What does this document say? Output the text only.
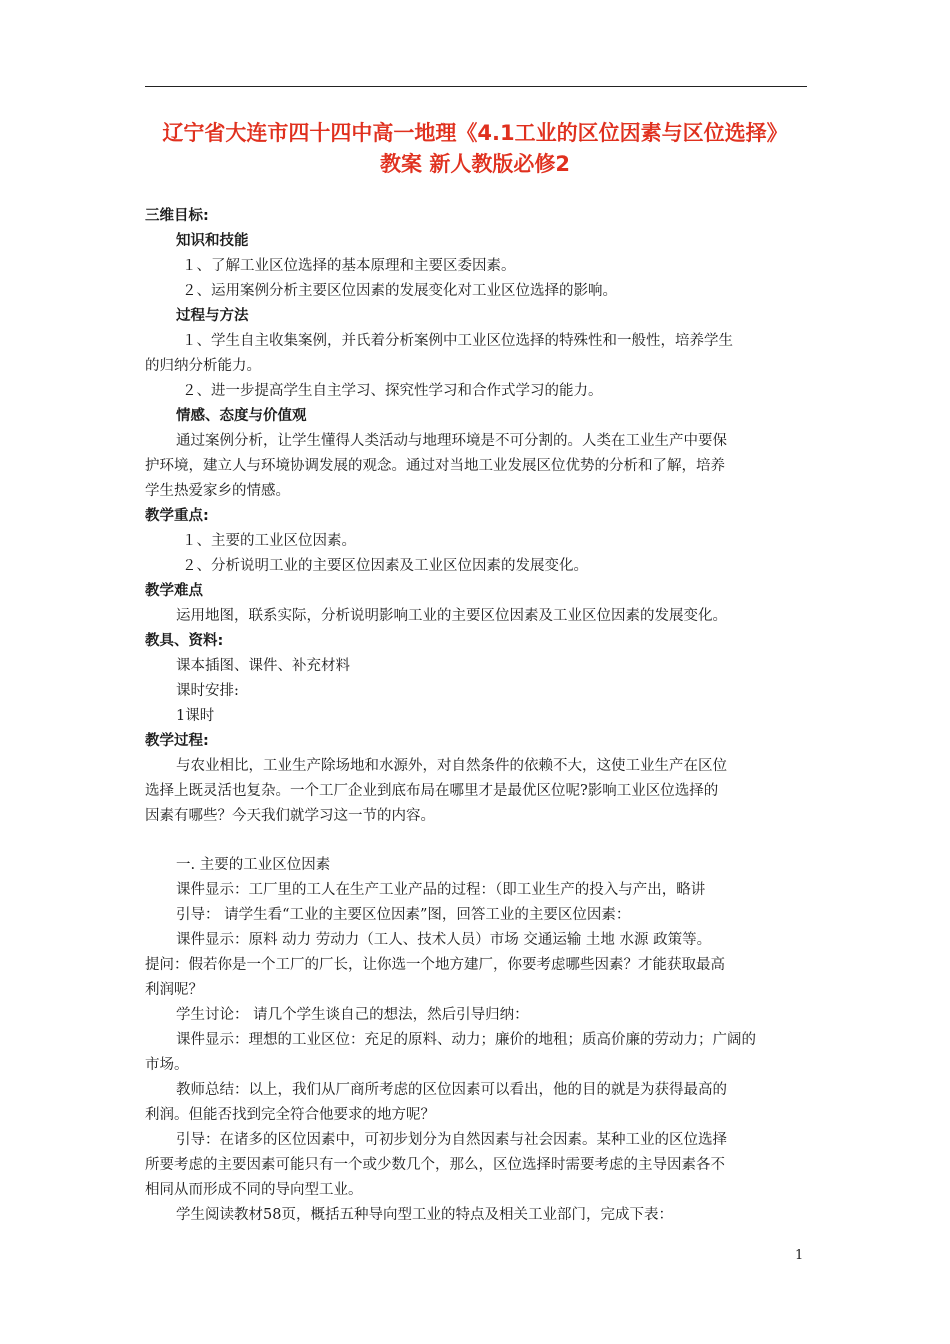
辽宁省大连市四十四中高一地理《4.1工业的区位因素与区位选择》
教案 新人教版必修2
三维目标:
知识和技能
１、了解工业区位选择的基本原理和主要区委因素。
２、运用案例分析主要区位因素的发展变化对工业区位选择的影响。
过程与方法
１、学生自主收集案例，并氏着分析案例中工业区位选择的特殊性和一般性，培养学生
的归纳分析能力。
２、进一步提高学生自主学习、探究性学习和合作式学习的能力。
情感、态度与价值观
通过案例分析，让学生懂得人类活动与地理环境是不可分割的。人类在工业生产中要保
护环境，建立人与环境协调发展的观念。通过对当地工业发展区位优势的分析和了解，培养
学生热爱家乡的情感。
教学重点:
１、主要的工业区位因素。
２、分析说明工业的主要区位因素及工业区位因素的发展变化。
教学难点
运用地图，联系实际，分析说明影响工业的主要区位因素及工业区位因素的发展变化。
教具、资料:
课本插图、课件、补充材料
课时安排:
1课时
教学过程:
与农业相比，工业生产除场地和水源外，对自然条件的依赖不大，这使工业生产在区位
选择上既灵活也复杂。一个工厂企业到底布局在哪里才是最优区位呢?影响工业区位选择的
因素有哪些？今天我们就学习这一节的内容。
一. 主要的工业区位因素
课件显示：工厂里的工人在生产工业产品的过程：（即工业生产的投入与产出，略讲
引导： 请学生看“工业的主要区位因素”图，回答工业的主要区位因素：
课件显示：原料 动力 劳动力（工人、技术人员）市场 交通运输 土地 水源 政策等。
提问：假若你是一个工厂的厂长，让你选一个地方建厂，你要考虑哪些因素？才能获取最高
利润呢？
学生讨论： 请几个学生谈自己的想法，然后引导归纳：
课件显示：理想的工业区位：充足的原料、动力；廉价的地租；质高价廉的劳动力；广阔的
市场。
教师总结：以上，我们从厂商所考虑的区位因素可以看出，他的目的就是为获得最高的
利润。但能否找到完全符合他要求的地方呢？
引导：在诸多的区位因素中，可初步划分为自然因素与社会因素。某种工业的区位选择
所要考虑的主要因素可能只有一个或少数几个，那么，区位选择时需要考虑的主导因素各不
相同从而形成不同的导向型工业。
学生阅读教材58页，概括五种导向型工业的特点及相关工业部门，完成下表：
1
